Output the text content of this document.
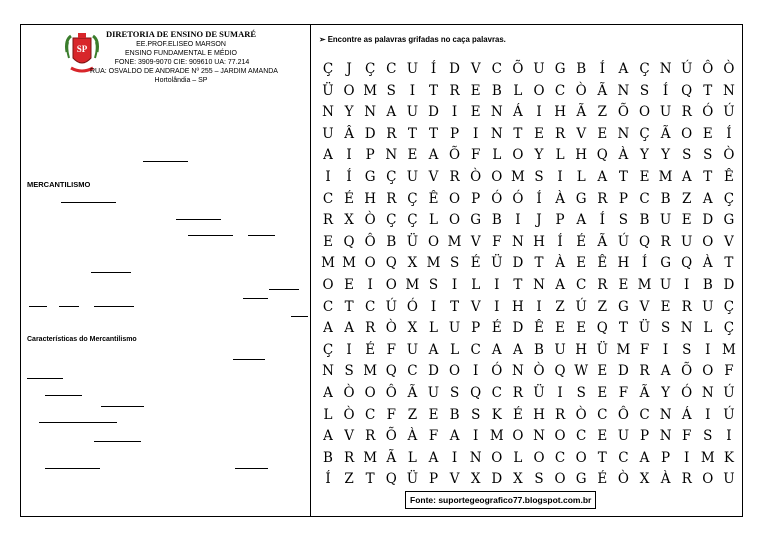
SP
DIRETORIA DE ENSINO DE SUMARÉ
EE.PROF.ELISEO MARSON
ENSINO FUNDAMENTAL E MÉDIO
FONE: 3909-9070 CIE: 909610 UA: 77.214
RUA: OSVALDO DE ANDRADE Nº 255 – JARDIM AMANDA
Hortolândia – SP
MERCANTILISMO
Características do Mercantilismo
➢ Encontre as palavras grifadas no caça palavras.
Ç J Ç C U Í D V C Õ U G B Í	A Ç N Ú Ô Ò
Ü O M S	I	T R E B L O C Ò Ã N S	Í Q T N
N Y N A U D I E N Á	I H Ã Z Õ O U R Ó Ú
U Â D R T T P	I N T E R V E N Ç Ã O E	Í
A	I	P N E A Õ F L O Y L H Q À Y Y S S Ò
I	Í G Ç U V R Ò O M S	I	L A T E M A T Ê
C É H R Ç Ê O P Ó Ó Í	À G R P C B Z A Ç
R X Ò Ç Ç L O G B I	J	P A	Í	S B U E D G
E Q Ô B Ü O M V F N H Í É Ã Ú Q R U O V
M M O Q X M S É Ü D T À E Ê H Í G Q À T
O E	I O M S	I	L	I	T N A C R E M U I B D
C T C Ú Ó I	T V	I H I	Z Ú Z G V E R U Ç
A A R Ò X L U P É D Ê E E Q T Ü S N L Ç
Ç I É F U A L C A A B U H Ü M F	I	S	I M
N S M Q C D O I Ó N Ò Q W E D R A Õ O F
A Ò O Ô Ã U S Q C R Ü I	S E F Ã Y Ó N Ú
L Ò C F Z E B S K É H R Ò C Ô C N Á	I Ú
A V R Õ À F A	I M O N O C E U P N F S	I
B R M Ã L A	I N O L O C O T C A P	I M K
Í	Z T Q Ü P V X D X S O G É Ò X À R O U
Fonte: suportegeografico77.blogspot.com.br
